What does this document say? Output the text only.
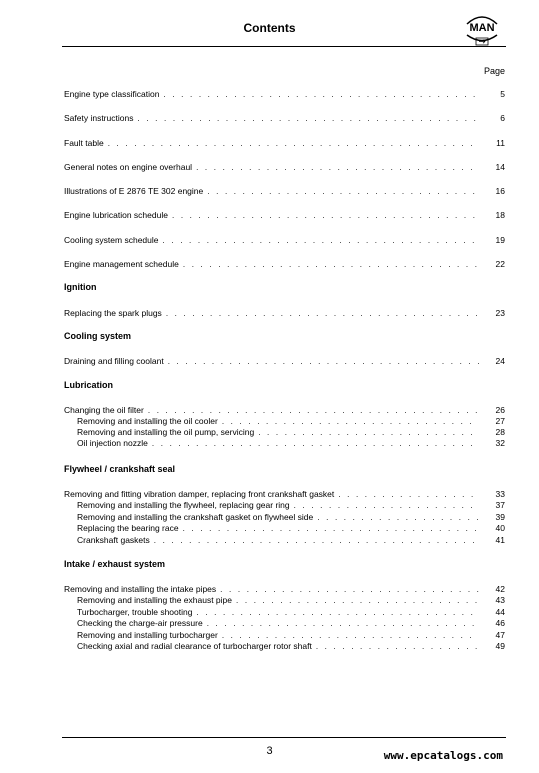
Contents	MAN
Page
Engine type classification . . .	5
Safety instructions . . .	6
Fault table . . .	11
General notes on engine overhaul . . .	14
Illustrations of E 2876 TE 302 engine . . .	16
Engine lubrication schedule . . .	18
Cooling system schedule . . .	19
Engine management schedule . . .	22
Ignition
Replacing the spark plugs . . .	23
Cooling system
Draining and filling coolant . . .	24
Lubrication
Changing the oil filter . . .	26
Removing and installing the oil cooler . . .	27
Removing and installing the oil pump, servicing . . .	28
Oil injection nozzle . . .	32
Flywheel / crankshaft seal
Removing and fitting vibration damper, replacing front crankshaft gasket . . .	33
Removing and installing the flywheel, replacing gear ring . . .	37
Removing and installing the crankshaft gasket on flywheel side . . .	39
Replacing the bearing race . . .	40
Crankshaft gaskets . . .	41
Intake / exhaust system
Removing and installing the intake pipes . . .	42
Removing and installing the exhaust pipe . . .	43
Turbocharger, trouble shooting . . .	44
Checking the charge-air pressure . . .	46
Removing and installing turbocharger . . .	47
Checking axial and radial clearance of turbocharger rotor shaft . . .	49
3	www.epcatalogs.com
